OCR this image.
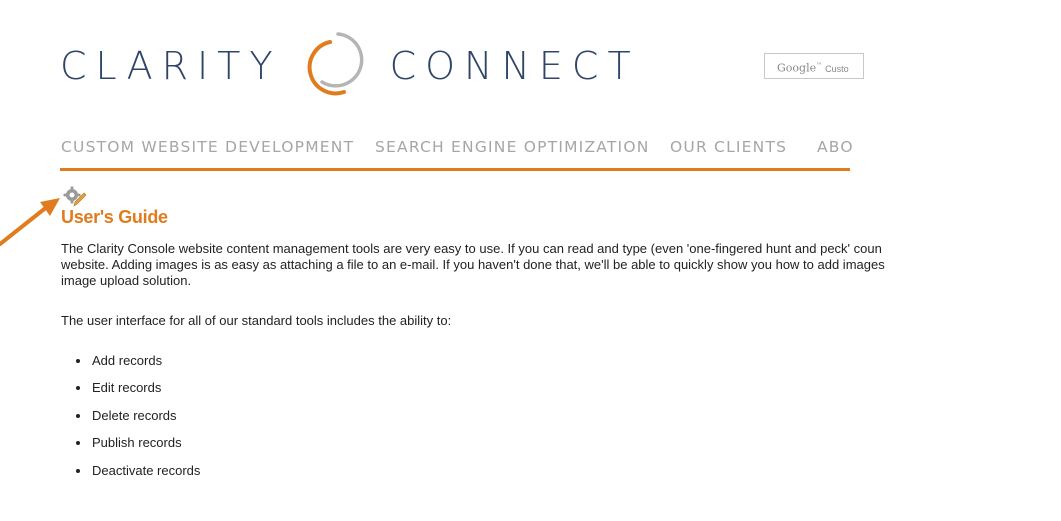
CLARITY	CONNECT	Google™ Custo
CUSTOM WEBSITE DEVELOPMENT SEARCH ENGINE OPTIMIZATION OUR CLIENTS ABO
User's Guide
The Clarity Console website content management tools are very easy to use. If you can read and type (even 'one-fingered hunt and peck' coun
website. Adding images is as easy as attaching a file to an e-mail. If you haven't done that, we'll be able to quickly show you how to add images
image upload solution.
The user interface for all of our standard tools includes the ability to:
Add records
Edit records
Delete records
Publish records
Deactivate records
